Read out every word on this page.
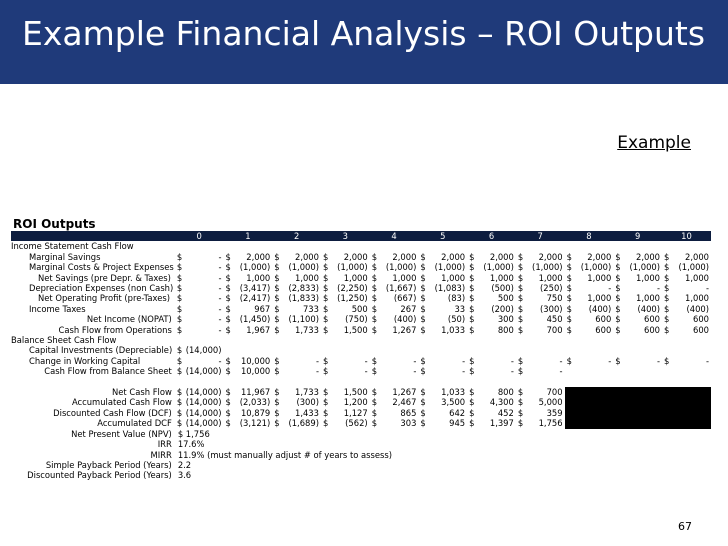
Example Financial Analysis – ROI Outputs
Example
ROI Outputs
	0		1		2		3		4		5		6		7		8		9		10	
Income Statement Cash Flow																						
Marginal Savings	$	-	$	2,000	$	2,000	$	2,000	$	2,000	$	2,000	$	2,000	$	2,000	$	2,000	$	2,000	$	2,000
Marginal Costs & Project Expenses	$	-	$	(1,000)	$	(1,000)	$	(1,000)	$	(1,000)	$	(1,000)	$	(1,000)	$	(1,000)	$	(1,000)	$	(1,000)	$	(1,000)
Net Savings (pre Depr. & Taxes)	$	-	$	1,000	$	1,000	$	1,000	$	1,000	$	1,000	$	1,000	$	1,000	$	1,000	$	1,000	$	1,000
Depreciation Expenses (non Cash)	$	-	$	(3,417)	$	(2,833)	$	(2,250)	$	(1,667)	$	(1,083)	$	(500)	$	(250)	$	-	$	-	$	-
Net Operating Profit (pre-Taxes)	$	-	$	(2,417)	$	(1,833)	$	(1,250)	$	(667)	$	(83)	$	500	$	750	$	1,000	$	1,000	$	1,000
Income Taxes	$	-	$	967	$	733	$	500	$	267	$	33	$	(200)	$	(300)	$	(400)	$	(400)	$	(400)
Net Income (NOPAT)	$	-	$	(1,450)	$	(1,100)	$	(750)	$	(400)	$	(50)	$	300	$	450	$	600	$	600	$	600
Cash Flow from Operations	$	-	$	1,967	$	1,733	$	1,500	$	1,267	$	1,033	$	800	$	700	$	600	$	600	$	600
Balance Sheet Cash Flow																						
Capital Investments (Depreciable)	$	(14,000)																				
Change in Working Capital	$	-	$	10,000	$	-	$	-	$	-	$	-	$	-	$	-	$	-	$	-	$	-
Cash Flow from Balance Sheet	$	(14,000)	$	10,000	$	-	$	-	$	-	$	-	$	-	$	-						

Net Cash Flow	$	(14,000)	$	11,967	$	1,733	$	1,500	$	1,267	$	1,033	$	800	$	700						
Accumulated Cash Flow	$	(14,000)	$	(2,033)	$	(300)	$	1,200	$	2,467	$	3,500	$	4,300	$	5,000						
Discounted Cash Flow (DCF)	$	(14,000)	$	10,879	$	1,433	$	1,127	$	865	$	642	$	452	$	359						
Accumulated DCF	$	(14,000)	$	(3,121)	$	(1,689)	$	(562)	$	303	$	945	$	1,397	$	1,756						
Net Present Value (NPV)	$ 1,756																					
IRR	17.6%																					
MIRR	11.9% (must manually adjust # of years to assess)																					
Simple Payback Period (Years)	2.2																					
Discounted Payback Period (Years)	3.6																					
67
